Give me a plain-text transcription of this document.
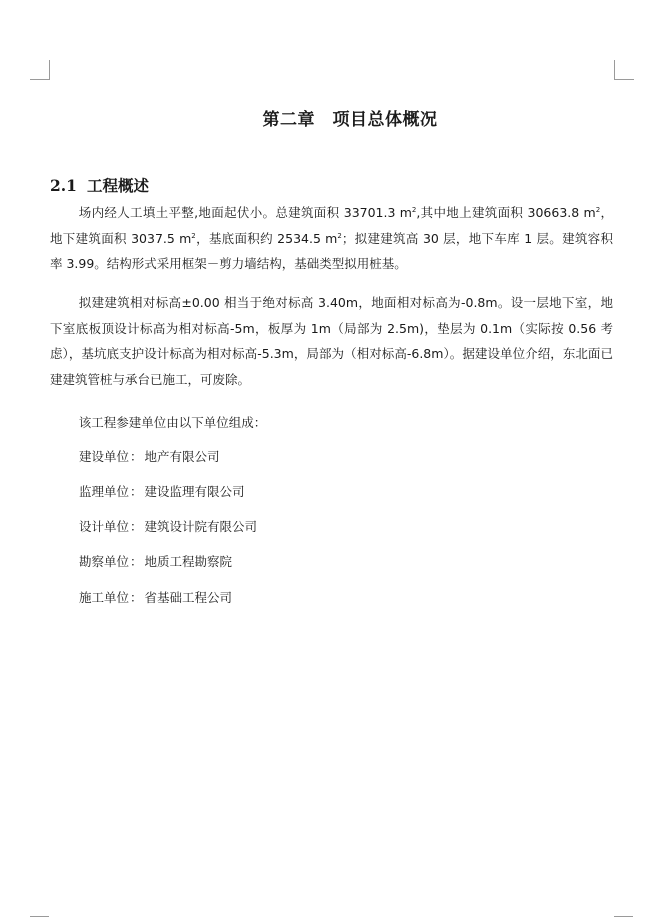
第二章　项目总体概况
2.1 工程概述

场内经人工填土平整,地面起伏小。总建筑面积 33701.3 $m^2$,其中地上建筑面积 30663.8 $m^2$，地下建筑面积 3037.5 $m^2$，基底面积约 2534.5 $m^2$；拟建建筑高 30 层，地下车库 1 层。建筑容积率 3.99。结构形式采用框架－剪力墙结构，基础类型拟用桩基。

拟建建筑相对标高±0.00 相当于绝对标高 3.40m，地面相对标高为-0.8m。设一层地下室，地下室底板顶设计标高为相对标高-5m，板厚为 1m（局部为 2.5m)，垫层为 0.1m（实际按 0.56 考虑），基坑底支护设计标高为相对标高-5.3m，局部为（相对标高-6.8m）。据建设单位介绍，东北面已建建筑管桩与承台已施工，可废除。

该工程参建单位由以下单位组成：

建设单位： 地产有限公司
监理单位： 建设监理有限公司
设计单位： 建筑设计院有限公司
勘察单位： 地质工程勘察院
施工单位： 省基础工程公司
